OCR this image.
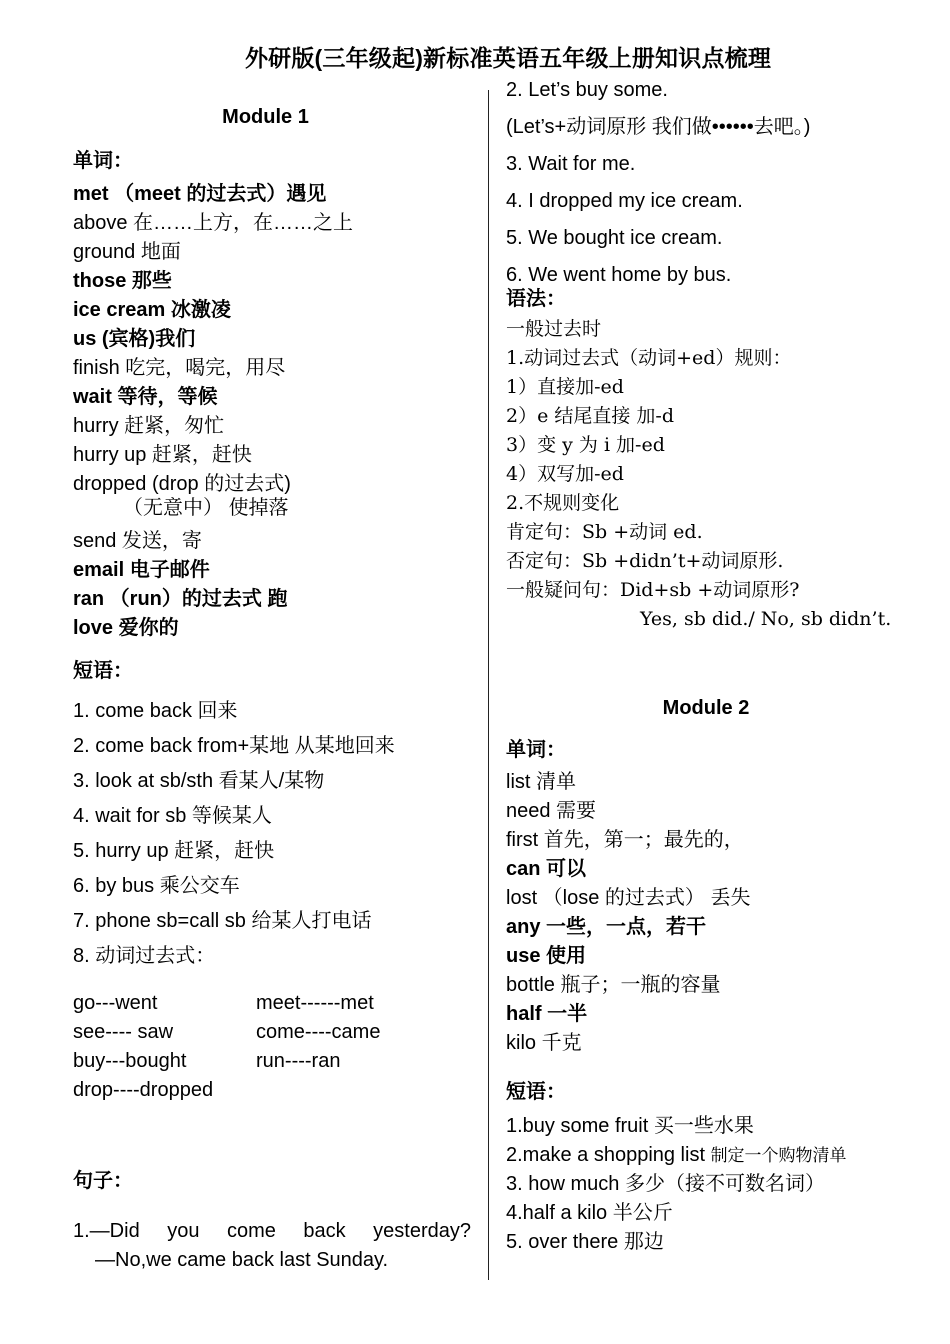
外研版(三年级起)新标准英语五年级上册知识点梳理
Module 1
单词：
met （meet 的过去式）遇见
above 在……上方，在……之上
ground 地面
those 那些
ice cream 冰激凌
us (宾格)我们
finish 吃完，喝完，用尽
wait 等待，等候
hurry 赶紧，匆忙
hurry up 赶紧，赶快
dropped (drop 的过去式)
（无意中） 使掉落
send 发送，寄
email 电子邮件
ran （run）的过去式 跑
love 爱你的
短语：
1. come back 回来
2. come back from+某地 从某地回来
3. look at sb/sth 看某人/某物
4. wait for sb 等候某人
5. hurry up 赶紧，赶快
6. by bus 乘公交车
7. phone sb=call sb 给某人打电话
8. 动词过去式：
go---went	meet------met
see---- saw	come----came
buy---bought	run----ran
drop----dropped
句子：
1.—Did you come back yesterday?
—No,we came back last Sunday.
2. Let’s buy some.
(Let’s+动词原形 我们做••••••去吧。)
3. Wait for me.
4. I dropped my ice cream.
5. We bought ice cream.
6. We went home by bus.
语法：
一般过去时
1.动词过去式（动词+ed）规则：
1）直接加-ed
2）e 结尾直接 加-d
3）变 y 为 i 加-ed
4）双写加-ed
2.不规则变化
肯定句：Sb +动词 ed.
否定句：Sb +didn’t+动词原形.
一般疑问句：Did+sb +动词原形?
Yes, sb did./ No, sb didn’t.
Module 2
单词：
list 清单
need 需要
first 首先，第一；最先的，
can 可以
lost （lose 的过去式） 丢失
any 一些，一点，若干
use 使用
bottle 瓶子；一瓶的容量
half 一半
kilo 千克
短语：
1.buy some fruit 买一些水果
2.make a shopping list 制定一个购物清单
3. how much 多少（接不可数名词）
4.half a kilo 半公斤
5. over there 那边
